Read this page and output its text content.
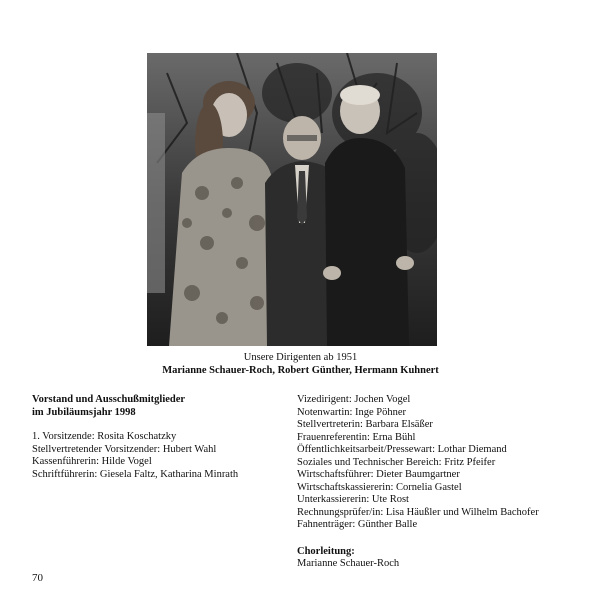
Unsere Dirigenten ab 1951
Marianne Schauer-Roch, Robert Günther, Hermann Kuhnert
Vorstand und Ausschußmitglieder
im Jubiläumsjahr 1998
1. Vorsitzende: Rosita Koschatzky
Stellvertretender Vorsitzender: Hubert Wahl
Kassenführerin: Hilde Vogel
Schriftführerin: Giesela Faltz, Katharina Minrath
Vizedirigent: Jochen Vogel
Notenwartin: Inge Pöhner
Stellvertreterin: Barbara Elsäßer
Frauenreferentin: Erna Bühl
Öffentlichkeitsarbeit/Pressewart: Lothar Diemand
Soziales und Technischer Bereich: Fritz Pfeifer
Wirtschaftsführer: Dieter Baumgartner
Wirtschaftskassiererin: Cornelia Gastel
Unterkassiererin: Ute Rost
Rechnungsprüfer/in: Lisa Häußler und Wilhelm Bachofer
Fahnenträger: Günther Balle
Chorleitung:
Marianne Schauer-Roch
70
